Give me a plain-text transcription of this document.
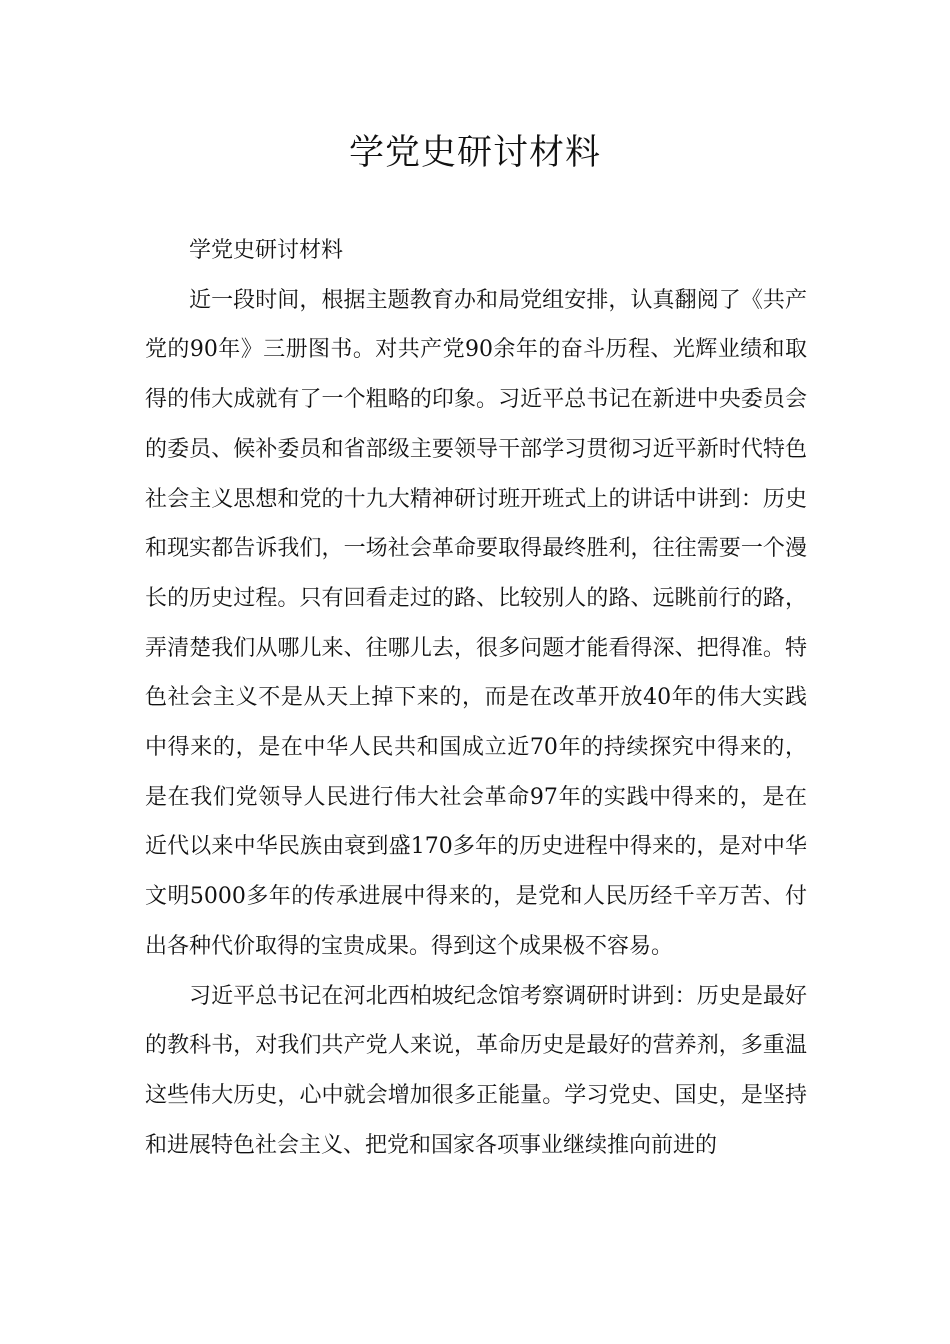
学党史研讨材料

学党史研讨材料

近一段时间，根据主题教育办和局党组安排，认真翻阅了《共产党的90年》三册图书。对共产党90余年的奋斗历程、光辉业绩和取得的伟大成就有了一个粗略的印象。习近平总书记在新进中央委员会的委员、候补委员和省部级主要领导干部学习贯彻习近平新时代特色社会主义思想和党的十九大精神研讨班开班式上的讲话中讲到：历史和现实都告诉我们，一场社会革命要取得最终胜利，往往需要一个漫长的历史过程。只有回看走过的路、比较别人的路、远眺前行的路，弄清楚我们从哪儿来、往哪儿去，很多问题才能看得深、把得准。特色社会主义不是从天上掉下来的，而是在改革开放40年的伟大实践中得来的，是在中华人民共和国成立近70年的持续探究中得来的，是在我们党领导人民进行伟大社会革命97年的实践中得来的，是在近代以来中华民族由衰到盛170多年的历史进程中得来的，是对中华文明5000多年的传承进展中得来的，是党和人民历经千辛万苦、付出各种代价取得的宝贵成果。得到这个成果极不容易。

习近平总书记在河北西柏坡纪念馆考察调研时讲到：历史是最好的教科书，对我们共产党人来说，革命历史是最好的营养剂，多重温这些伟大历史，心中就会增加很多正能量。学习党史、国史，是坚持和进展特色社会主义、把党和国家各项事业继续推向前进的
